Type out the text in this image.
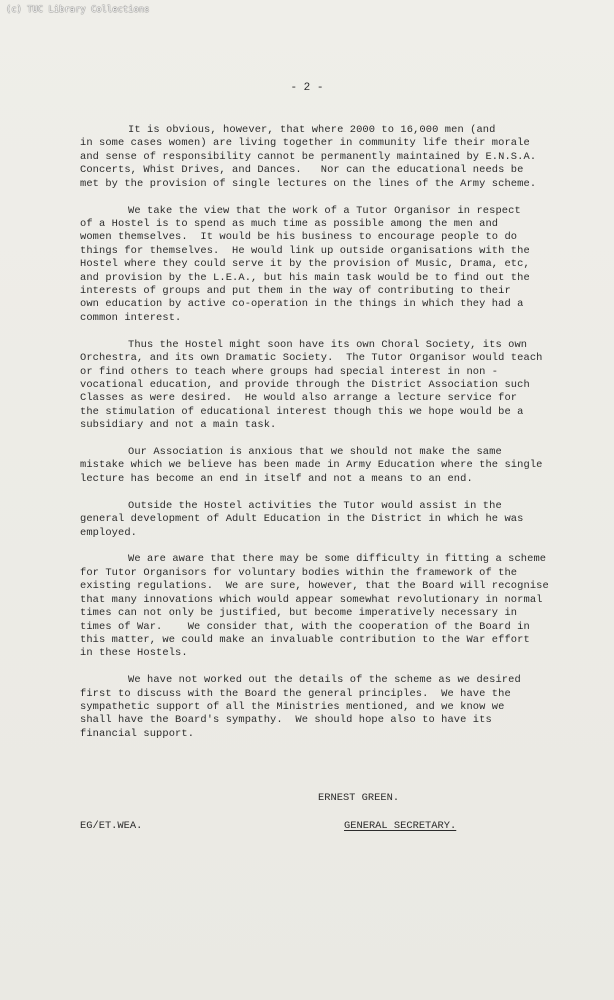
(c) TUC Library Collections
- 2 -

It is obvious, however, that where 2000 to 16,000 men (and
in some cases women) are living together in community life their morale
and sense of responsibility cannot be permanently maintained by E.N.S.A.
Concerts, Whist Drives, and Dances.   Nor can the educational needs be
met by the provision of single lectures on the lines of the Army scheme.

We take the view that the work of a Tutor Organisor in respect
of a Hostel is to spend as much time as possible among the men and
women themselves.  It would be his business to encourage people to do
things for themselves.  He would link up outside organisations with the
Hostel where they could serve it by the provision of Music, Drama, etc,
and provision by the L.E.A., but his main task would be to find out the
interests of groups and put them in the way of contributing to their
own education by active co-operation in the things in which they had a
common interest.

Thus the Hostel might soon have its own Choral Society, its own
Orchestra, and its own Dramatic Society.  The Tutor Organisor would teach
or find others to teach where groups had special interest in non -
vocational education, and provide through the District Association such
Classes as were desired.  He would also arrange a lecture service for
the stimulation of educational interest though this we hope would be a
subsidiary and not a main task.

Our Association is anxious that we should not make the same
mistake which we believe has been made in Army Education where the single
lecture has become an end in itself and not a means to an end.

Outside the Hostel activities the Tutor would assist in the
general development of Adult Education in the District in which he was
employed.

We are aware that there may be some difficulty in fitting a scheme
for Tutor Organisors for voluntary bodies within the framework of the
existing regulations.  We are sure, however, that the Board will recognise
that many innovations which would appear somewhat revolutionary in normal
times can not only be justified, but become imperatively necessary in
times of War.    We consider that, with the cooperation of the Board in
this matter, we could make an invaluable contribution to the War effort
in these Hostels.

We have not worked out the details of the scheme as we desired
first to discuss with the Board the general principles.  We have the
sympathetic support of all the Ministries mentioned, and we know we
shall have the Board's sympathy.  We should hope also to have its
financial support.

ERNEST GREEN.
EG/ET.WEA.	GENERAL SECRETARY.
